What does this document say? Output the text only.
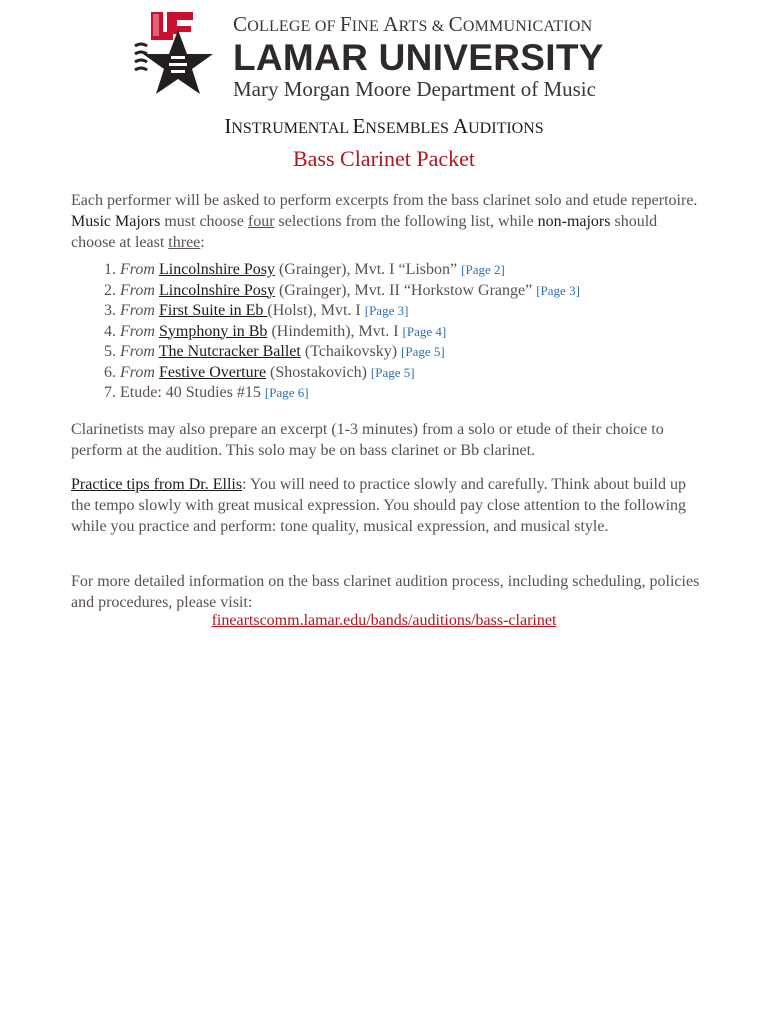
COLLEGE OF FINE ARTS & COMMUNICATION
LAMAR UNIVERSITY
Mary Morgan Moore Department of Music
INSTRUMENTAL ENSEMBLES AUDITIONS
Bass Clarinet Packet
Each performer will be asked to perform excerpts from the bass clarinet solo and etude repertoire. Music Majors must choose four selections from the following list, while non-majors should choose at least three:
1. From Lincolnshire Posy (Grainger), Mvt. I “Lisbon” [Page 2]
2. From Lincolnshire Posy (Grainger), Mvt. II “Horkstow Grange” [Page 3]
3. From First Suite in Eb (Holst), Mvt. I [Page 3]
4. From Symphony in Bb (Hindemith), Mvt. I [Page 4]
5. From The Nutcracker Ballet (Tchaikovsky) [Page 5]
6. From Festive Overture (Shostakovich) [Page 5]
7. Etude: 40 Studies #15 [Page 6]
Clarinetists may also prepare an excerpt (1-3 minutes) from a solo or etude of their choice to perform at the audition. This solo may be on bass clarinet or Bb clarinet.
Practice tips from Dr. Ellis: You will need to practice slowly and carefully. Think about build up the tempo slowly with great musical expression. You should pay close attention to the following while you practice and perform: tone quality, musical expression, and musical style.
For more detailed information on the bass clarinet audition process, including scheduling, policies and procedures, please visit:
fineartscomm.lamar.edu/bands/auditions/bass-clarinet
